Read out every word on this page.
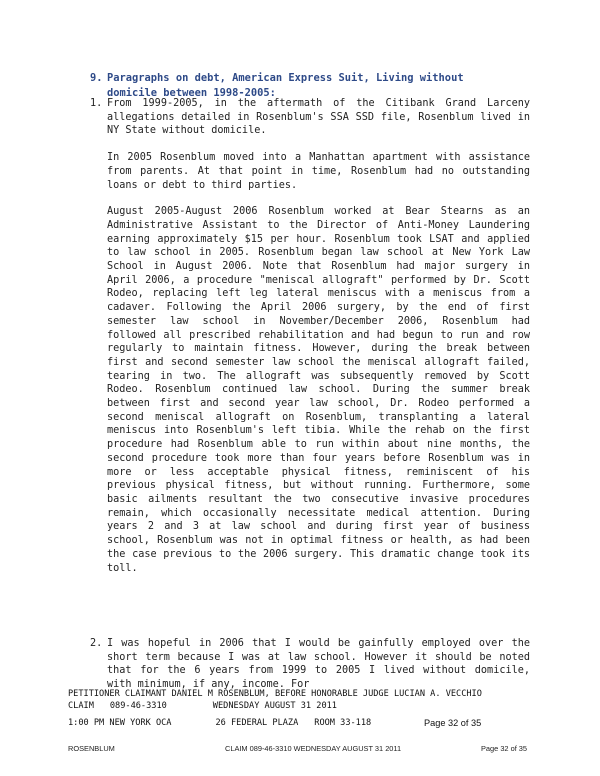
9. Paragraphs on debt, American Express Suit, Living without
domicile between 1998-2005:
1. From 1999-2005, in the aftermath of the Citibank Grand Larceny allegations detailed in Rosenblum's SSA SSD file, Rosenblum lived in NY State without domicile.

In 2005 Rosenblum moved into a Manhattan apartment with assistance from parents. At that point in time, Rosenblum had no outstanding loans or debt to third parties.

August 2005-August 2006 Rosenblum worked at Bear Stearns as an Administrative Assistant to the Director of Anti-Money Laundering earning approximately $15 per hour. Rosenblum took LSAT and applied to law school in 2005. Rosenblum began law school at New York Law School in August 2006. Note that Rosenblum had major surgery in April 2006, a procedure "meniscal allograft" performed by Dr. Scott Rodeo, replacing left leg lateral meniscus with a meniscus from a cadaver. Following the April 2006 surgery, by the end of first semester law school in November/December 2006, Rosenblum had followed all prescribed rehabilitation and had begun to run and row regularly to maintain fitness. However, during the break between first and second semester law school the meniscal allograft failed, tearing in two. The allograft was subsequently removed by Scott Rodeo. Rosenblum continued law school. During the summer break between first and second year law school, Dr. Rodeo performed a second meniscal allograft on Rosenblum, transplanting a lateral meniscus into Rosenblum's left tibia. While the rehab on the first procedure had Rosenblum able to run within about nine months, the second procedure took more than four years before Rosenblum was in more or less acceptable physical fitness, reminiscent of his previous physical fitness, but without running. Furthermore, some basic ailments resultant the two consecutive invasive procedures remain, which occasionally necessitate medical attention. During years 2 and 3 at law school and during first year of business school, Rosenblum was not in optimal fitness or health, as had been the case previous to the 2006 surgery. This dramatic change took its toll.

2. I was hopeful in 2006 that I would be gainfully employed over the short term because I was at law school. However it should be noted that for the 6 years from 1999 to 2005 I lived without domicile, with minimum, if any, income. For

PETITIONER CLAIMANT DANIEL M ROSENBLUM, BEFORE HONORABLE JUDGE LUCIAN A. VECCHIO
CLAIM 089-46-3310	WEDNESDAY AUGUST 31 2011
1:00 PM NEW YORK OCA	26 FEDERAL PLAZA ROOM 33-118	Page 32 of 35
ROSENBLUM	CLAIM 089-46-3310 WEDNESDAY AUGUST 31 2011	Page 32 of 35
